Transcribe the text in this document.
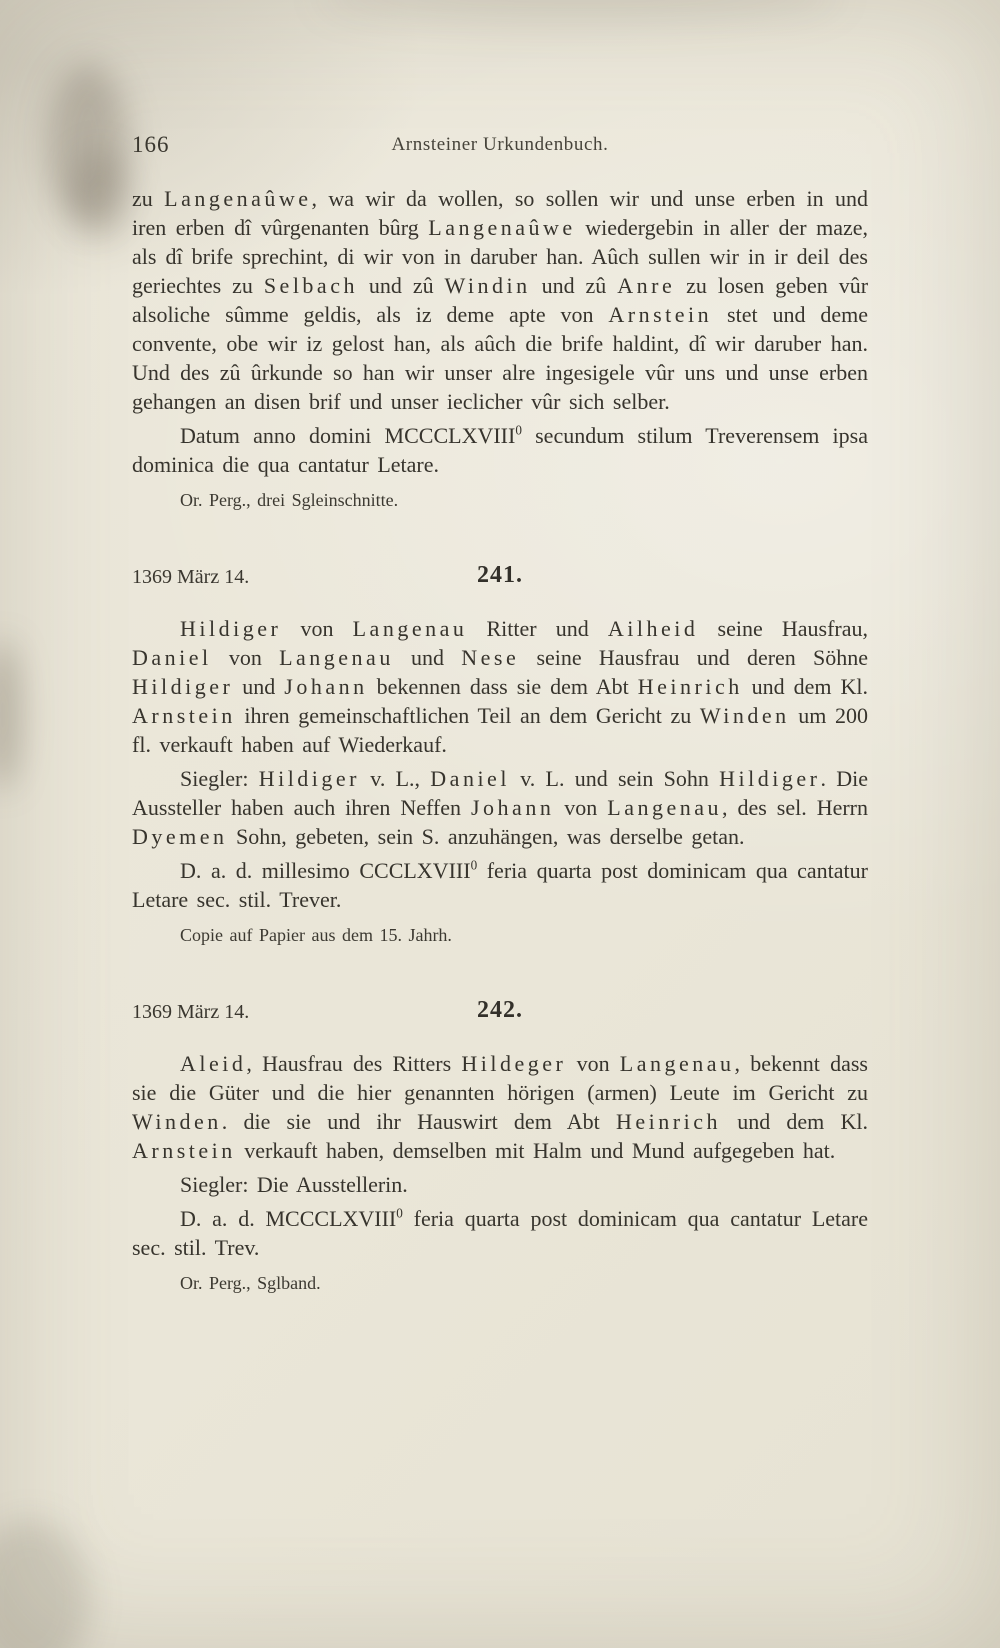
166	Arnsteiner Urkundenbuch.

zu Langenaûwe, wa wir da wollen, so sollen wir und unse erben in und iren erben dî vûrgenanten bûrg Langenaûwe wiedergebin in aller der maze, als dî brife sprechint, di wir von in daruber han. Aûch sullen wir in ir deil des geriechtes zu Selbach und zû Windin und zû Anre zu losen geben vûr alsoliche sûmme geldis, als iz deme apte von Arnstein stet und deme convente, obe wir iz gelost han, als aûch die brife haldint, dî wir daruber han. Und des zû ûrkunde so han wir unser alre ingesigele vûr uns und unse erben gehangen an disen brif und unser ieclicher vûr sich selber.

Datum anno domini MCCCLXVIII$^0$ secundum stilum Treverensem ipsa dominica die qua cantatur Letare.

Or. Perg., drei Sgleinschnitte.

1369 März 14.	241.

Hildiger von Langenau Ritter und Ailheid seine Hausfrau, Daniel von Langenau und Nese seine Hausfrau und deren Söhne Hildiger und Johann bekennen dass sie dem Abt Heinrich und dem Kl. Arnstein ihren gemeinschaftlichen Teil an dem Gericht zu Winden um 200 fl. verkauft haben auf Wiederkauf.

Siegler: Hildiger v. L., Daniel v. L. und sein Sohn Hildiger. Die Aussteller haben auch ihren Neffen Johann von Langenau, des sel. Herrn Dyemen Sohn, gebeten, sein S. anzuhängen, was derselbe getan.

D. a. d. millesimo CCCLXVIII$^0$ feria quarta post dominicam qua cantatur Letare sec. stil. Trever.

Copie auf Papier aus dem 15. Jahrh.

1369 März 14.	242.

Aleid, Hausfrau des Ritters Hildeger von Langenau, bekennt dass sie die Güter und die hier genannten hörigen (armen) Leute im Gericht zu Winden. die sie und ihr Hauswirt dem Abt Heinrich und dem Kl. Arnstein verkauft haben, demselben mit Halm und Mund aufgegeben hat.

Siegler: Die Ausstellerin.

D. a. d. MCCCLXVIII$^0$ feria quarta post dominicam qua cantatur Letare sec. stil. Trev.

Or. Perg., Sglband.
